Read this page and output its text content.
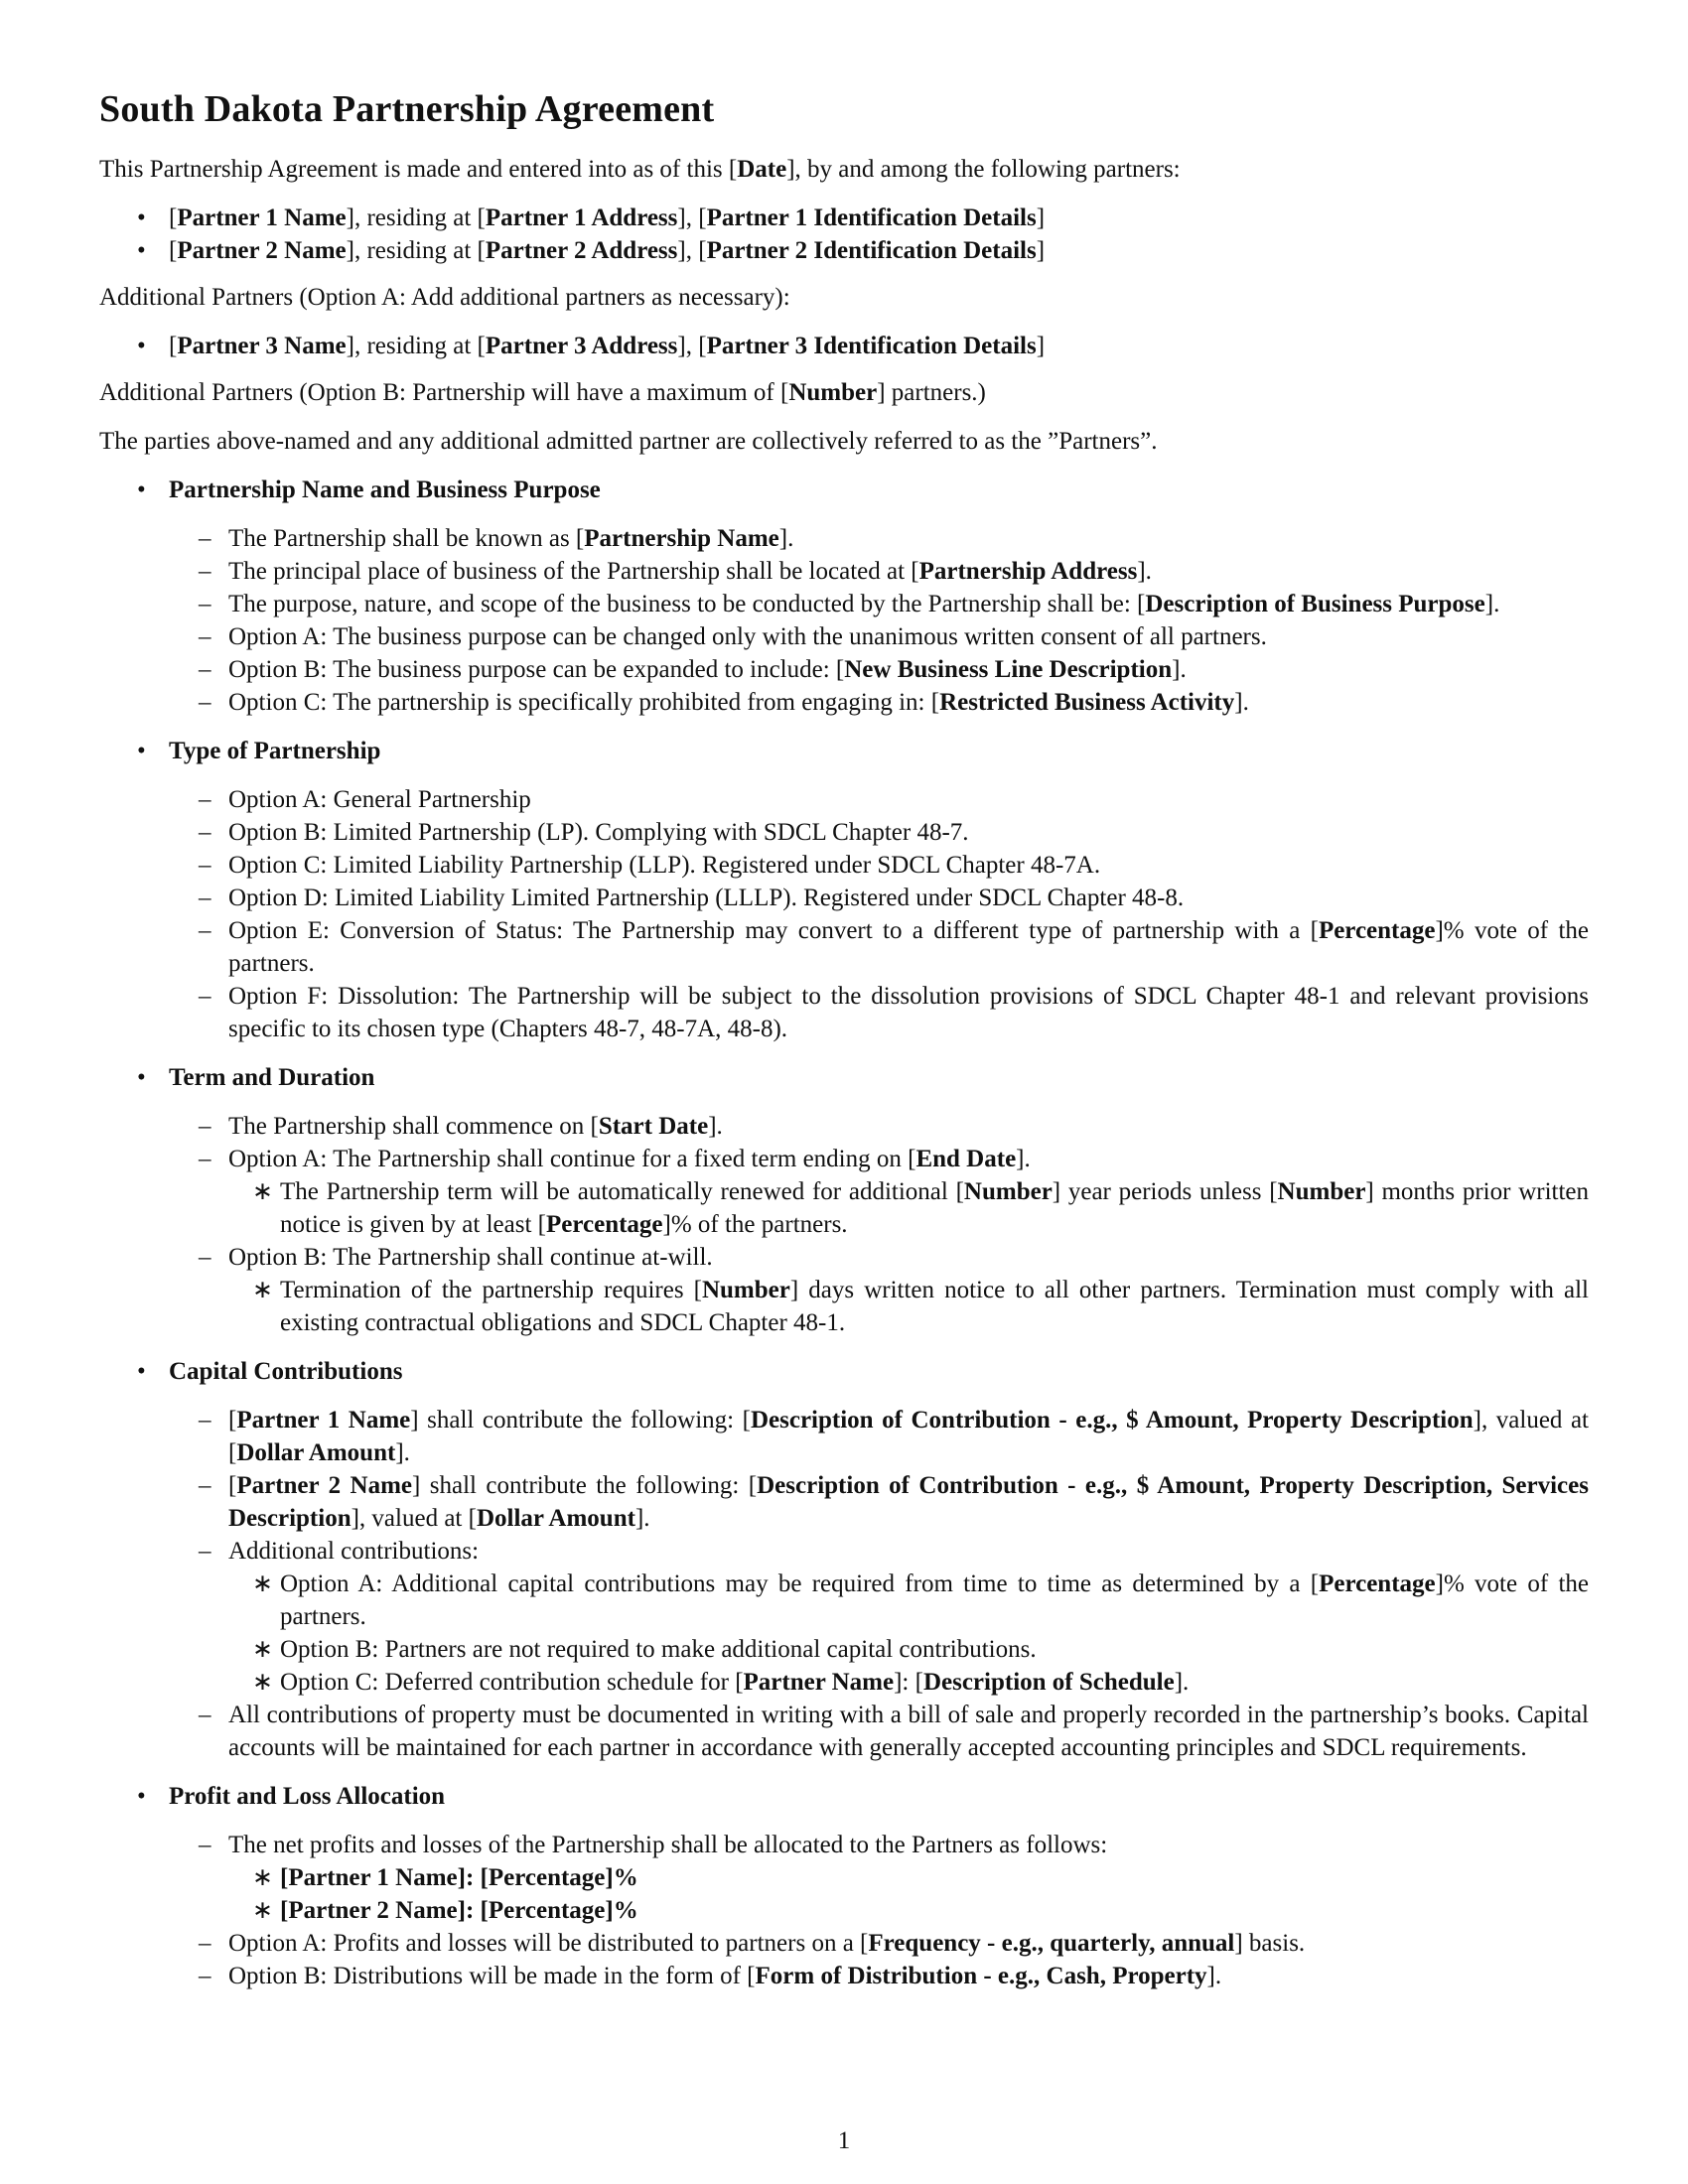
South Dakota Partnership Agreement

This Partnership Agreement is made and entered into as of this [Date], by and among the following partners:

• [Partner 1 Name], residing at [Partner 1 Address], [Partner 1 Identification Details]
• [Partner 2 Name], residing at [Partner 2 Address], [Partner 2 Identification Details]

Additional Partners (Option A: Add additional partners as necessary):

• [Partner 3 Name], residing at [Partner 3 Address], [Partner 3 Identification Details]

Additional Partners (Option B: Partnership will have a maximum of [Number] partners.)

The parties above-named and any additional admitted partner are collectively referred to as the ”Partners”.

• Partnership Name and Business Purpose
– The Partnership shall be known as [Partnership Name].
– The principal place of business of the Partnership shall be located at [Partnership Address].
– The purpose, nature, and scope of the business to be conducted by the Partnership shall be: [Description of Business Purpose].
– Option A: The business purpose can be changed only with the unanimous written consent of all partners.
– Option B: The business purpose can be expanded to include: [New Business Line Description].
– Option C: The partnership is specifically prohibited from engaging in: [Restricted Business Activity].
• Type of Partnership
– Option A: General Partnership
– Option B: Limited Partnership (LP). Complying with SDCL Chapter 48-7.
– Option C: Limited Liability Partnership (LLP). Registered under SDCL Chapter 48-7A.
– Option D: Limited Liability Limited Partnership (LLLP). Registered under SDCL Chapter 48-8.
– Option E: Conversion of Status: The Partnership may convert to a different type of partnership with a [Percentage]% vote of the partners.
– Option F: Dissolution: The Partnership will be subject to the dissolution provisions of SDCL Chapter 48-1 and relevant provisions specific to its chosen type (Chapters 48-7, 48-7A, 48-8).
• Term and Duration
– The Partnership shall commence on [Start Date].
– Option A: The Partnership shall continue for a fixed term ending on [End Date].
∗ The Partnership term will be automatically renewed for additional [Number] year periods unless [Number] months prior written notice is given by at least [Percentage]% of the partners.
– Option B: The Partnership shall continue at-will.
∗ Termination of the partnership requires [Number] days written notice to all other partners. Termination must comply with all existing contractual obligations and SDCL Chapter 48-1.
• Capital Contributions
– [Partner 1 Name] shall contribute the following: [Description of Contribution - e.g., $ Amount, Property Description], valued at [Dollar Amount].
– [Partner 2 Name] shall contribute the following: [Description of Contribution - e.g., $ Amount, Property Description, Services Description], valued at [Dollar Amount].
– Additional contributions:
∗ Option A: Additional capital contributions may be required from time to time as determined by a [Percentage]% vote of the partners.
∗ Option B: Partners are not required to make additional capital contributions.
∗ Option C: Deferred contribution schedule for [Partner Name]: [Description of Schedule].
– All contributions of property must be documented in writing with a bill of sale and properly recorded in the partnership’s books. Capital accounts will be maintained for each partner in accordance with generally accepted accounting principles and SDCL requirements.
• Profit and Loss Allocation
– The net profits and losses of the Partnership shall be allocated to the Partners as follows:
∗ [Partner 1 Name]: [Percentage]%
∗ [Partner 2 Name]: [Percentage]%
– Option A: Profits and losses will be distributed to partners on a [Frequency - e.g., quarterly, annual] basis.
– Option B: Distributions will be made in the form of [Form of Distribution - e.g., Cash, Property].
1
